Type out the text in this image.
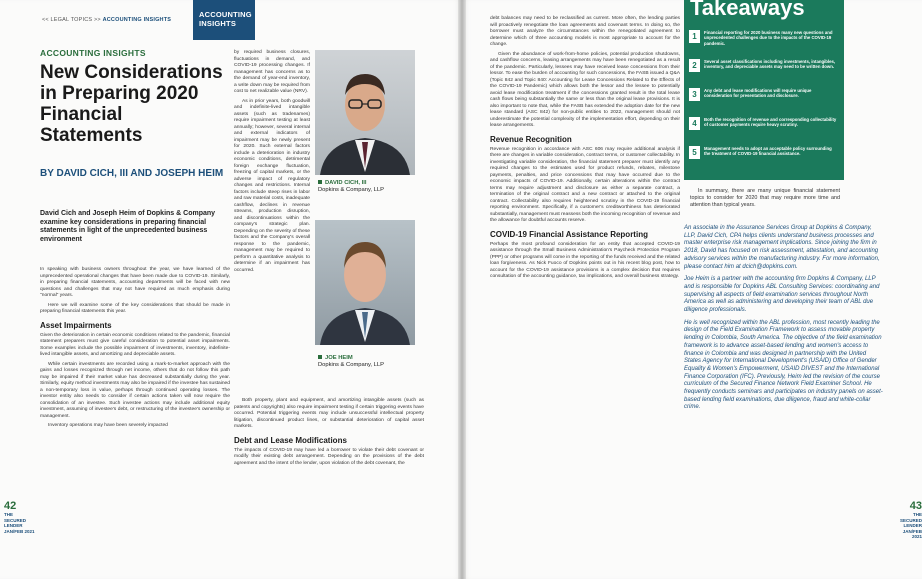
<< LEGAL TOPICS >> ACCOUNTING INSIGHTS
ACCOUNTING INSIGHTS
ACCOUNTING INSIGHTS
New Considerations in Preparing 2020 Financial Statements
BY DAVID CICH, III AND JOSEPH HEIM
David Cich and Joseph Heim of Dopkins & Company examine key considerations in preparing financial statements in light of the unprecedented business environment

In speaking with business owners throughout the year, we have learned of the unprecedented operational changes that have been made due to COVID-19. Similarly, in preparing financial statements, accounting departments will be faced with new questions and challenges that may not have required as much emphasis during "normal" years.

Here we will examine some of the key considerations that should be made in preparing financial statements this year.

Asset Impairments

Given the deterioration in certain economic conditions related to the pandemic, financial statement preparers must give careful consideration to potential asset impairments. Some examples include the possible impairment of investments, inventory, indefinite-lived intangible assets, and amortizing and depreciable assets.

While certain investments are recorded using a mark-to-market approach with the gains and losses recognized through net income, others that do not follow this path may be impaired if their market value has decreased substantially during the year. Similarly, equity method investments may also be impaired if the investee has sustained a non-temporary loss in value, perhaps through continued operating losses. The investor entity also needs to consider if certain actions taken will now require the consolidation of an investee. Such investee actions may include additional equity investment, assuming of investee's debt, or restructuring of the investee's ownership or management.

Inventory operations may have been severely impacted

by required business closures, fluctuations in demand, and COVID-19 processing changes. If management has concerns as to the demand of year-end inventory, a write down may be required from cost to net realizable value (NRV).

As in prior years, both goodwill and indefinite-lived intangible assets (such as tradenames) require impairment testing at least annually; however, several internal and external indicators of impairment may be newly present for 2020. Such external factors include a deterioration in industry economic conditions, detrimental foreign exchange fluctuation, freezing of capital markets, or the adverse impact of regulatory changes and restrictions. Internal factors include steep rises in labor and raw material costs, inadequate cashflow, declines in revenue streams, production disruption, and discontinuations within the company's strategic plan. Depending on the severity of these factors and the Company's overall response to the pandemic, management may be required to perform a quantitative analysis to determine if an impairment has occurred.

Both property, plant and equipment, and amortizing intangible assets (such as patents and copyrights) also require impairment testing if certain triggering events have occurred. Potential triggering events may include unsuccessful intellectual property litigation, discontinued product lines, or substantial deterioration of capital asset markets.

Debt and Lease Modifications

The impacts of COVID-19 may have led a borrower to violate their debt covenant or modify their existing debt arrangement. Depending on the provisions of the debt agreement and the intent of the lender, upon violation of the debt covenant, the

DAVID CICH, III
Dopkins & Company, LLP
JOE HEIM
Dopkins & Company, LLP
42
THE
SECURED
LENDER
JAN/FEB 2021

debt balances may need to be reclassified as current. More often, the lending parties will proactively renegotiate the loan agreements and covenant terms. In doing so, the borrower must analyze the circumstances within the renegotiated agreement to determine which of three accounting models is most appropriate to account for the change.

Given the abundance of work-from-home policies, potential production shutdowns, and cashflow concerns, leasing arrangements may have been renegotiated as a result of the pandemic. Particularly, lessees may have received lease concessions from their lessor. To ease the burden of accounting for such concessions, the FASB issued a Q&A (Topic 842 and Topic 840: Accounting for Lease Concessions Related to the Effects of the COVID-19 Pandemic) which allows both the lessor and the lessee to potentially avoid lease modification treatment if the concessions granted result in the total lease cash flows being substantially the same or less than the original lease provisions. It is also important to note that, while the FASB has extended the adoption date for the new lease standard (ASC 842) for non-public entities to 2022, management should not underestimate the potential complexity of the implementation effort, depending on their lease arrangements.

Revenue Recognition

Revenue recognition in accordance with ASC 606 may require additional analysis if there are changes in variable consideration, contract terms, or customer collectability. In investigating variable consideration, the financial statement preparer must identify any required changes to the estimates used for product refunds, rebates, milestone payments, penalties, and price concessions that may have occurred due to the economic impacts of COVID-19. Additionally, certain alterations within the contract terms may require adjustment and disclosure as either a separate contract, a termination of the original contract and a new contract or attached to the original contract. Collectability also requires heightened scrutiny in the COVID-19 financial reporting environment. Specifically, if a customer's creditworthiness has deteriorated substantially, management must reassess both the incoming recognition of revenue and the allowance for doubtful accounts reserve.

COVID-19 Financial Assistance Reporting

Perhaps the most profound consideration for an entity that accepted COVID-19 assistance through the Small Business Administration's Paycheck Protection Program (PPP) or other programs will come in the reporting of the funds received and the related loan forgiveness. As Nick Fuoco of Dopkins points out in his recent blog post, how to account for the COVID-19 assistance provisions is a complex decision that requires consultation of the accounting guidance, tax implications, and overall business strategy.

In summary, there are many unique financial statement topics to consider for 2020 that may require more time and attention than typical years.

An associate in the Assurance Services Group at Dopkins & Company, LLP, David Cich, CPA helps clients understand business processes and master enterprise risk management implications. Since joining the firm in 2018, David has focused on risk assessment, attestation, and accounting advisory services within the manufacturing industry. For more information, please contact him at dcich@dopkins.com.

Joe Heim is a partner with the accounting firm Dopkins & Company, LLP and is responsible for Dopkins ABL Consulting Services: coordinating and supervising all aspects of field examination services throughout North America as well as administering and developing their team of ABL due diligence professionals.

He is well recognized within the ABL profession, most recently leading the design of the Field Examination Framework to assess movable property lending in Colombia, South America. The objective of the field examination framework is to advance asset-based lending and women's access to finance in Colombia and was designed in partnership with the United States Agency for International Development's (USAID) Office of Gender Equality & Women's Empowerment, USAID DIVEST and the International Finance Corporation (IFC). Previously, Heim led the revision of the course curriculum of the Secured Finance Network Field Examiner School. He frequently conducts seminars and participates on industry panels on asset-based lending field examinations, due diligence, fraud and white-collar crime.

43
THE
SECURED
LENDER
JAN/FEB 2021
Takeaways
1	Financial reporting for 2020 business many new questions and unprecedented challenges due to the impacts of the COVID-19 pandemic.
2	Several asset classifications including investments, intangibles, inventory, and depreciable assets may need to be written down.
3	Any debt and lease modifications will require unique consideration for presentation and disclosure.
4	Both the recognition of revenue and corresponding collectability of customer payments require heavy scrutiny.
5	Management needs to adopt an acceptable policy surrounding the treatment of COVID-19 financial assistance.
